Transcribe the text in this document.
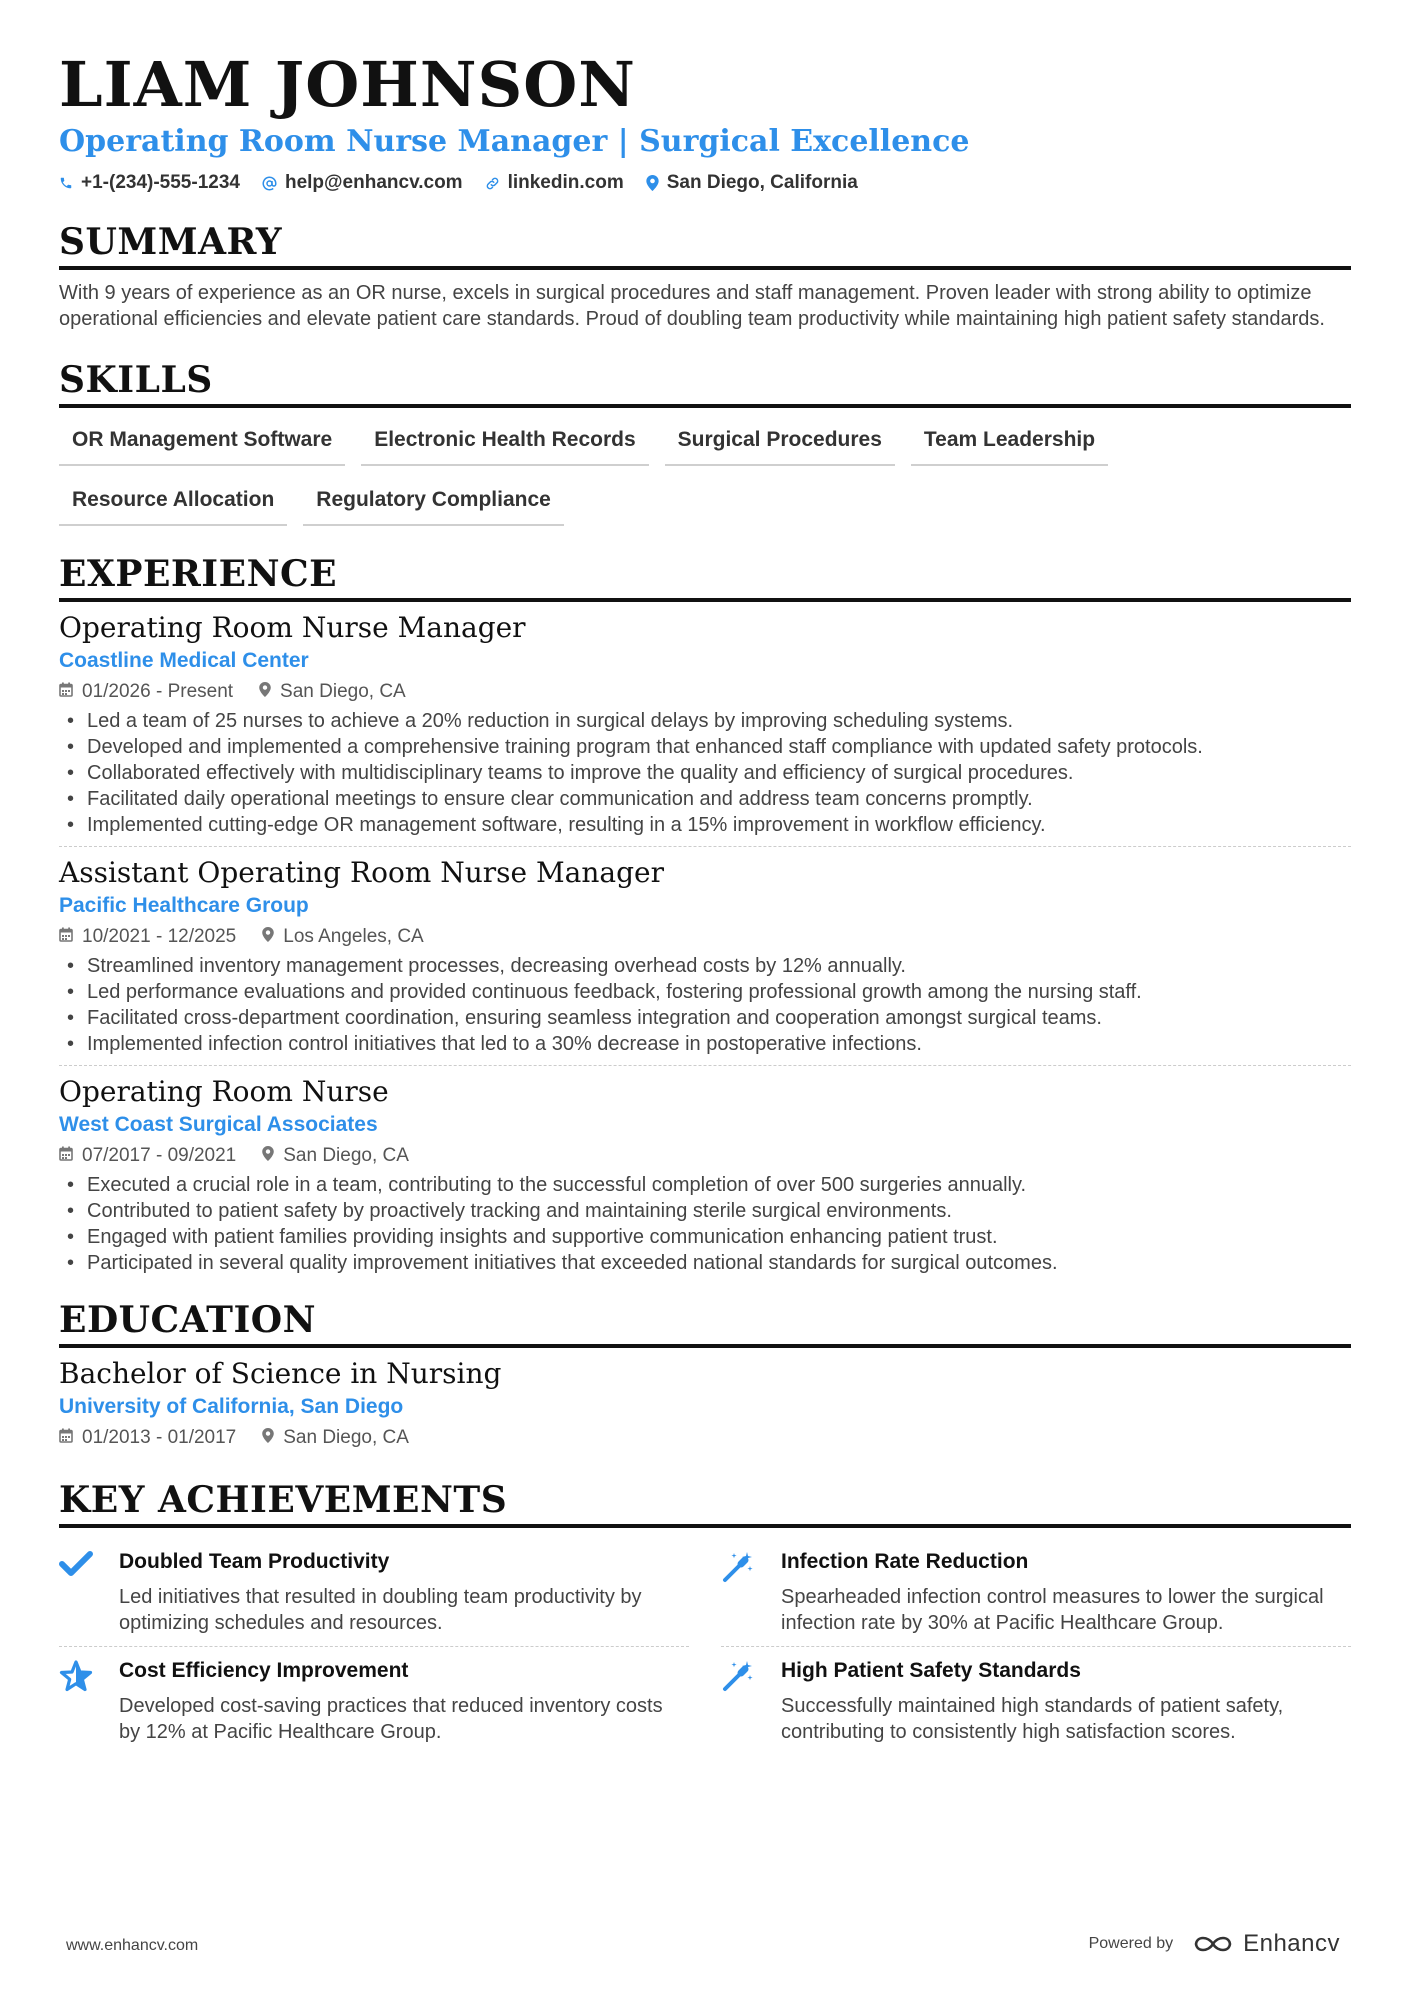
LIAM JOHNSON
Operating Room Nurse Manager | Surgical Excellence
+1-(234)-555-1234 help@enhancv.com linkedin.com San Diego, California
SUMMARY
With 9 years of experience as an OR nurse, excels in surgical procedures and staff management. Proven leader with strong ability to optimize operational efficiencies and elevate patient care standards. Proud of doubling team productivity while maintaining high patient safety standards.
SKILLS
OR Management Software	Electronic Health Records	Surgical Procedures	Team Leadership
Resource Allocation	Regulatory Compliance
EXPERIENCE
Operating Room Nurse Manager
Coastline Medical Center
01/2026 - Present San Diego, CA
• Led a team of 25 nurses to achieve a 20% reduction in surgical delays by improving scheduling systems.
• Developed and implemented a comprehensive training program that enhanced staff compliance with updated safety protocols.
• Collaborated effectively with multidisciplinary teams to improve the quality and efficiency of surgical procedures.
• Facilitated daily operational meetings to ensure clear communication and address team concerns promptly.
• Implemented cutting-edge OR management software, resulting in a 15% improvement in workflow efficiency.
Assistant Operating Room Nurse Manager
Pacific Healthcare Group
10/2021 - 12/2025 Los Angeles, CA
• Streamlined inventory management processes, decreasing overhead costs by 12% annually.
• Led performance evaluations and provided continuous feedback, fostering professional growth among the nursing staff.
• Facilitated cross-department coordination, ensuring seamless integration and cooperation amongst surgical teams.
• Implemented infection control initiatives that led to a 30% decrease in postoperative infections.
Operating Room Nurse
West Coast Surgical Associates
07/2017 - 09/2021 San Diego, CA
• Executed a crucial role in a team, contributing to the successful completion of over 500 surgeries annually.
• Contributed to patient safety by proactively tracking and maintaining sterile surgical environments.
• Engaged with patient families providing insights and supportive communication enhancing patient trust.
• Participated in several quality improvement initiatives that exceeded national standards for surgical outcomes.
EDUCATION
Bachelor of Science in Nursing
University of California, San Diego
01/2013 - 01/2017 San Diego, CA
KEY ACHIEVEMENTS
Doubled Team Productivity
Led initiatives that resulted in doubling team productivity by optimizing schedules and resources.
Infection Rate Reduction
Spearheaded infection control measures to lower the surgical infection rate by 30% at Pacific Healthcare Group.
Cost Efficiency Improvement
Developed cost-saving practices that reduced inventory costs by 12% at Pacific Healthcare Group.
High Patient Safety Standards
Successfully maintained high standards of patient safety, contributing to consistently high satisfaction scores.
www.enhancv.com	Powered by	Enhancv
